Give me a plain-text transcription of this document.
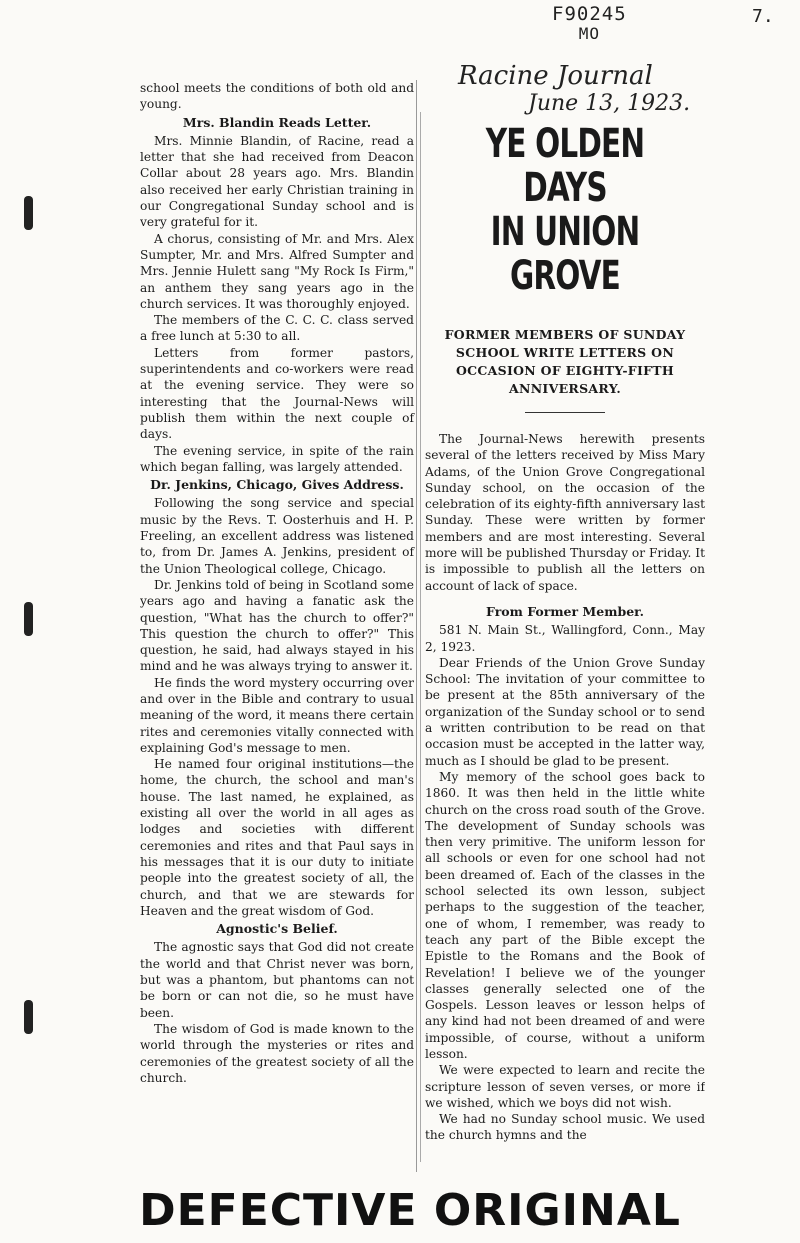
F90245
MO
7.
Racine Journal
June 13, 1923.

school meets the conditions of both old and young.

Mrs. Blandin Reads Letter.

Mrs. Minnie Blandin, of Racine, read a letter that she had received from Deacon Collar about 28 years ago. Mrs. Blandin also received her early Christian training in our Congregational Sunday school and is very grateful for it.

A chorus, consisting of Mr. and Mrs. Alex Sumpter, Mr. and Mrs. Alfred Sumpter and Mrs. Jennie Hulett sang "My Rock Is Firm," an anthem they sang years ago in the church services. It was thoroughly enjoyed.

The members of the C. C. C. class served a free lunch at 5:30 to all.

Letters from former pastors, superintendents and co-workers were read at the evening service. They were so interesting that the Journal-News will publish them within the next couple of days.

The evening service, in spite of the rain which began falling, was largely attended.

Dr. Jenkins, Chicago, Gives Address.

Following the song service and special music by the Revs. T. Oosterhuis and H. P. Freeling, an excellent address was listened to, from Dr. James A. Jenkins, president of the Union Theological college, Chicago.

Dr. Jenkins told of being in Scotland some years ago and having a fanatic ask the question, "What has the church to offer?" This question the church to offer?" This question, he said, had always stayed in his mind and he was always trying to answer it.

He finds the word mystery occurring over and over in the Bible and contrary to usual meaning of the word, it means there certain rites and ceremonies vitally connected with explaining God's message to men.

He named four original institutions—the home, the church, the school and man's house. The last named, he explained, as existing all over the world in all ages as lodges and societies with different ceremonies and rites and that Paul says in his messages that it is our duty to initiate people into the greatest society of all, the church, and that we are stewards for Heaven and the great wisdom of God.

Agnostic's Belief.

The agnostic says that God did not create the world and that Christ never was born, but was a phantom, but phantoms can not be born or can not die, so he must have been.

The wisdom of God is made known to the world through the mysteries or rites and ceremonies of the greatest society of all the church.

YE OLDEN DAYS
IN UNION GROVE
FORMER MEMBERS OF SUNDAY SCHOOL WRITE LETTERS ON OCCASION OF EIGHTY-FIFTH ANNIVERSARY.

The Journal-News herewith presents several of the letters received by Miss Mary Adams, of the Union Grove Congregational Sunday school, on the occasion of the celebration of its eighty-fifth anniversary last Sunday. These were written by former members and are most interesting. Several more will be published Thursday or Friday. It is impossible to publish all the letters on account of lack of space.

From Former Member.

581 N. Main St., Wallingford, Conn., May 2, 1923.

Dear Friends of the Union Grove Sunday School: The invitation of your committee to be present at the 85th anniversary of the organization of the Sunday school or to send a written contribution to be read on that occasion must be accepted in the latter way, much as I should be glad to be present.

My memory of the school goes back to 1860. It was then held in the little white church on the cross road south of the Grove. The development of Sunday schools was then very primitive. The uniform lesson for all schools or even for one school had not been dreamed of. Each of the classes in the school selected its own lesson, subject perhaps to the suggestion of the teacher, one of whom, I remember, was ready to teach any part of the Bible except the Epistle to the Romans and the Book of Revelation! I believe we of the younger classes generally selected one of the Gospels. Lesson leaves or lesson helps of any kind had not been dreamed of and were impossible, of course, without a uniform lesson.

We were expected to learn and recite the scripture lesson of seven verses, or more if we wished, which we boys did not wish.

We had no Sunday school music. We used the church hymns and the

DEFECTIVE ORIGINAL
